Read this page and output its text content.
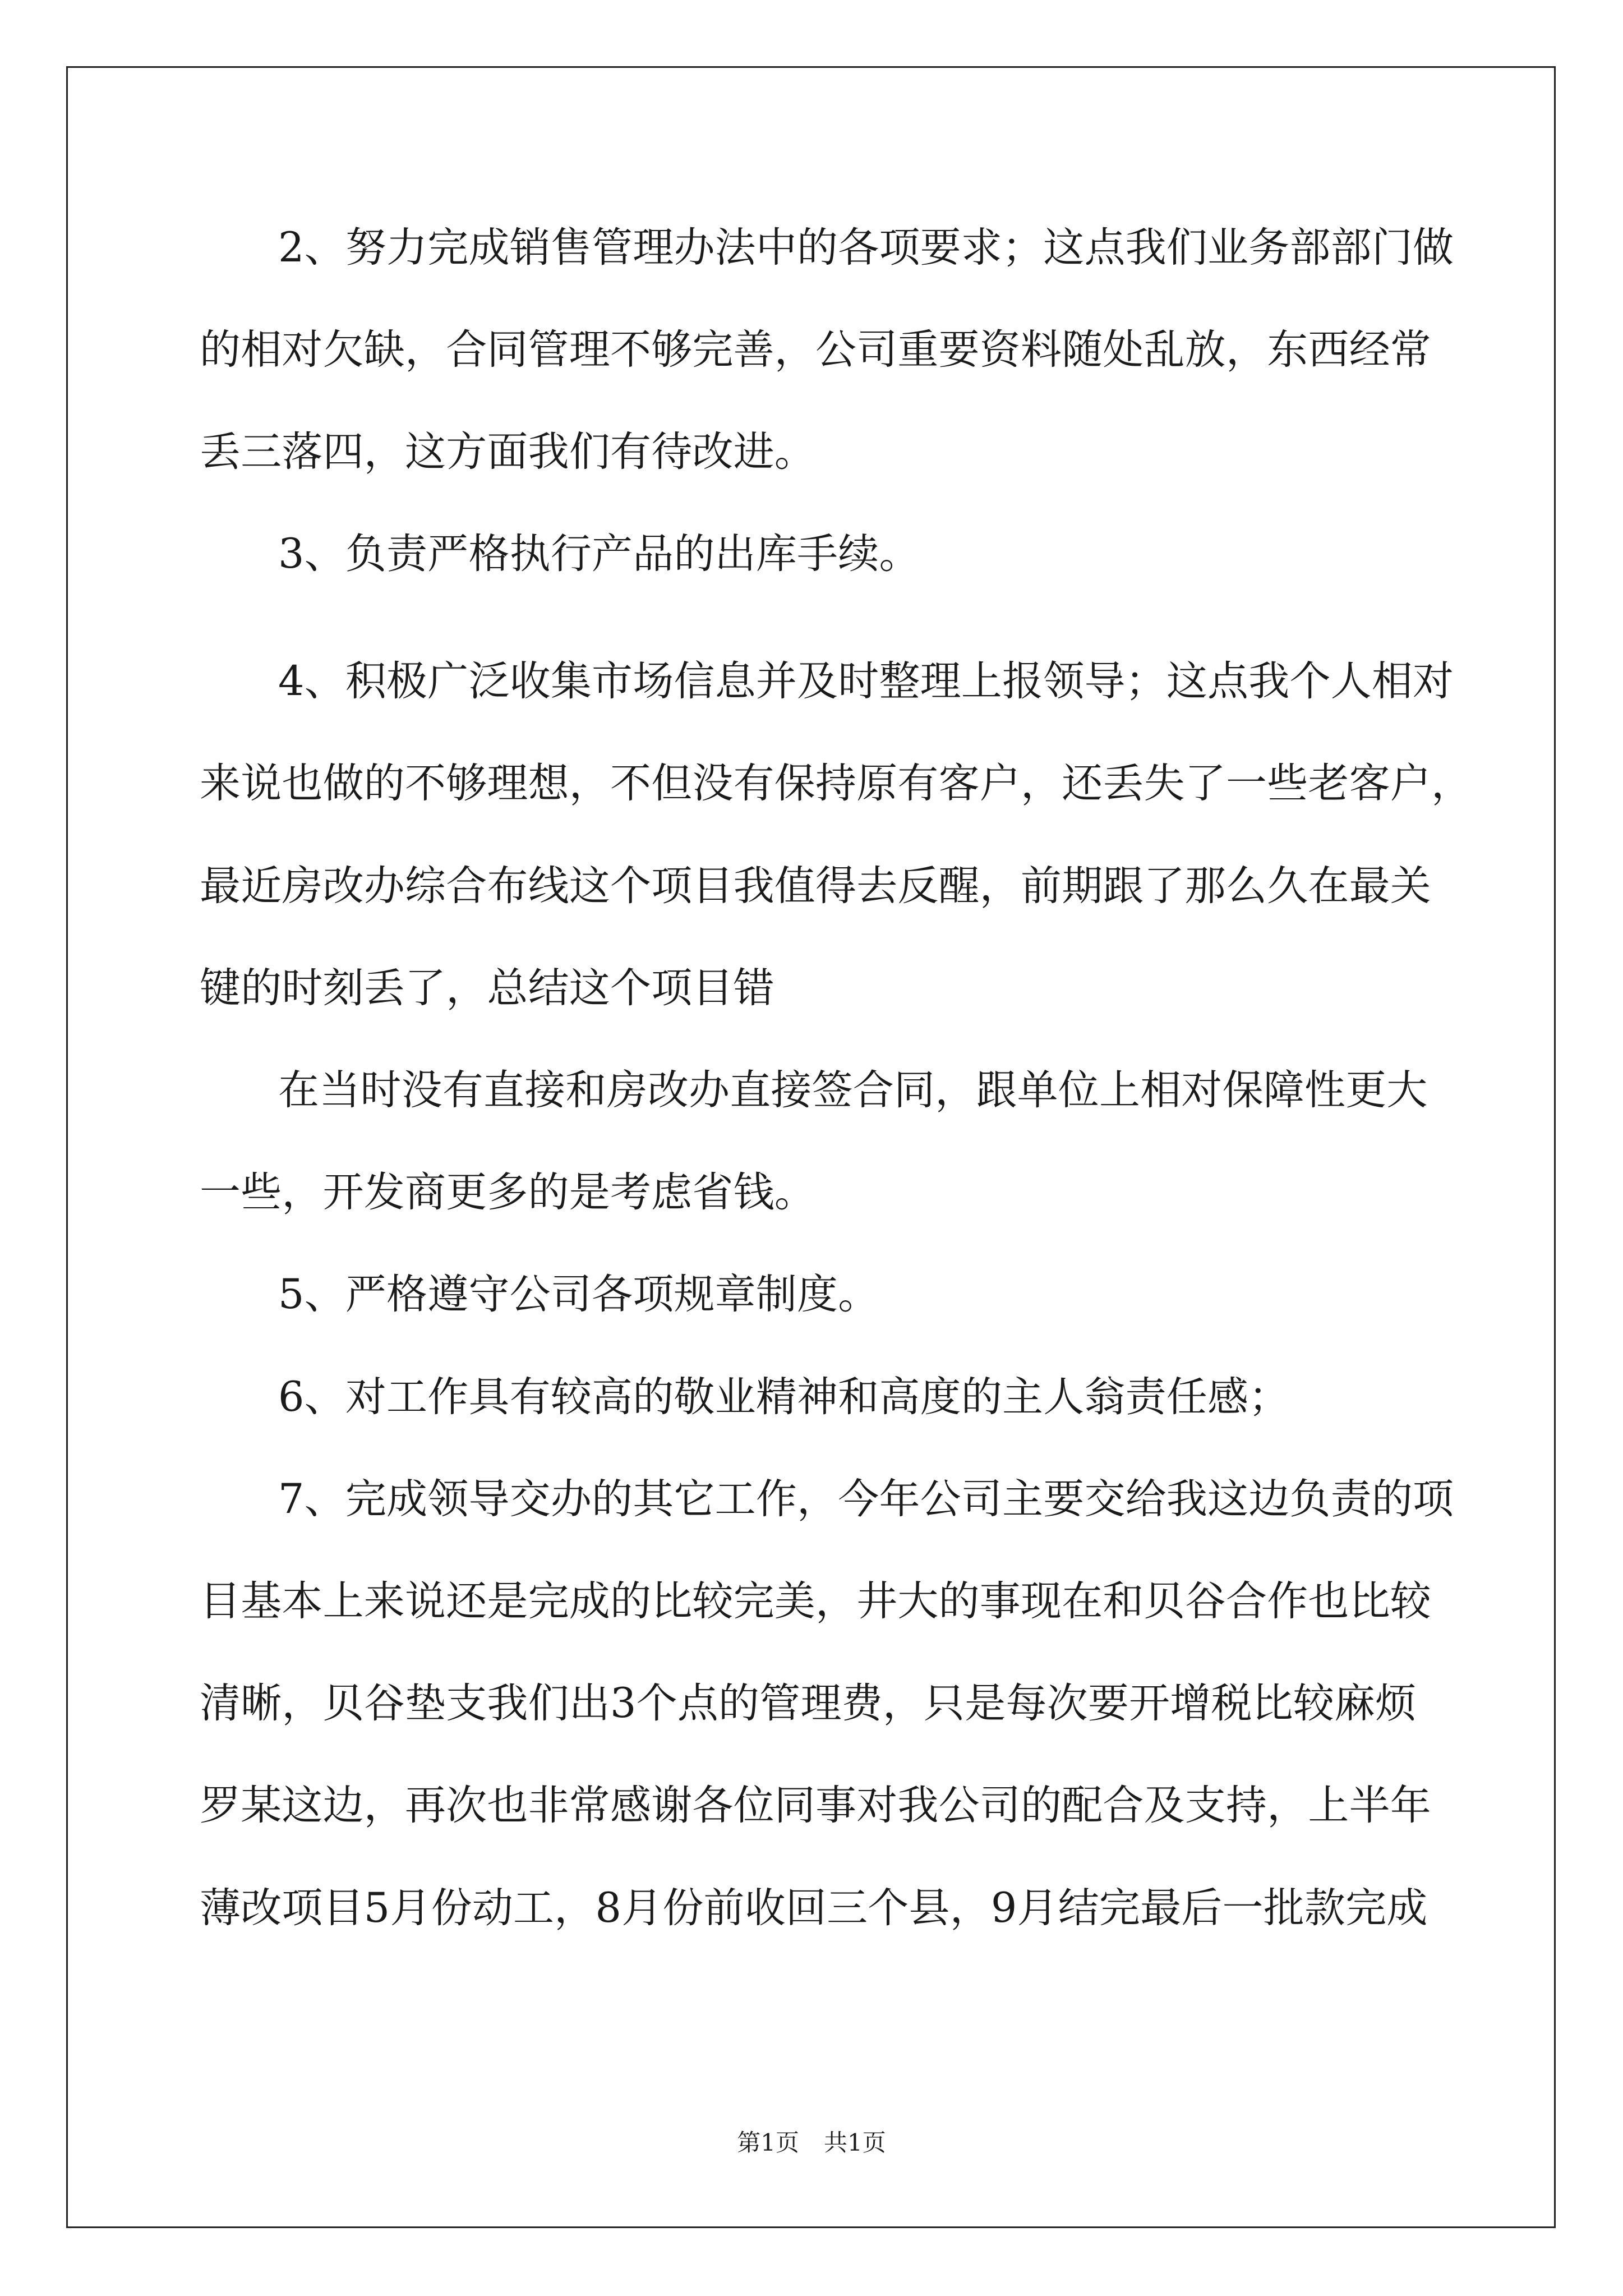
2、努力完成销售管理办法中的各项要求；这点我们业务部部门做
的相对欠缺，合同管理不够完善，公司重要资料随处乱放，东西经常
丢三落四，这方面我们有待改进。
3、负责严格执行产品的出库手续。
4、积极广泛收集市场信息并及时整理上报领导；这点我个人相对
来说也做的不够理想，不但没有保持原有客户，还丢失了一些老客户，
最近房改办综合布线这个项目我值得去反醒，前期跟了那么久在最关
键的时刻丢了，总结这个项目错
在当时没有直接和房改办直接签合同，跟单位上相对保障性更大
一些，开发商更多的是考虑省钱。
5、严格遵守公司各项规章制度。
6、对工作具有较高的敬业精神和高度的主人翁责任感；
7、完成领导交办的其它工作，今年公司主要交给我这边负责的项
目基本上来说还是完成的比较完美，井大的事现在和贝谷合作也比较
清晰，贝谷垫支我们出3个点的管理费，只是每次要开增税比较麻烦
罗某这边，再次也非常感谢各位同事对我公司的配合及支持，上半年
薄改项目5月份动工，8月份前收回三个县，9月结完最后一批款完成
第1页 共1页
